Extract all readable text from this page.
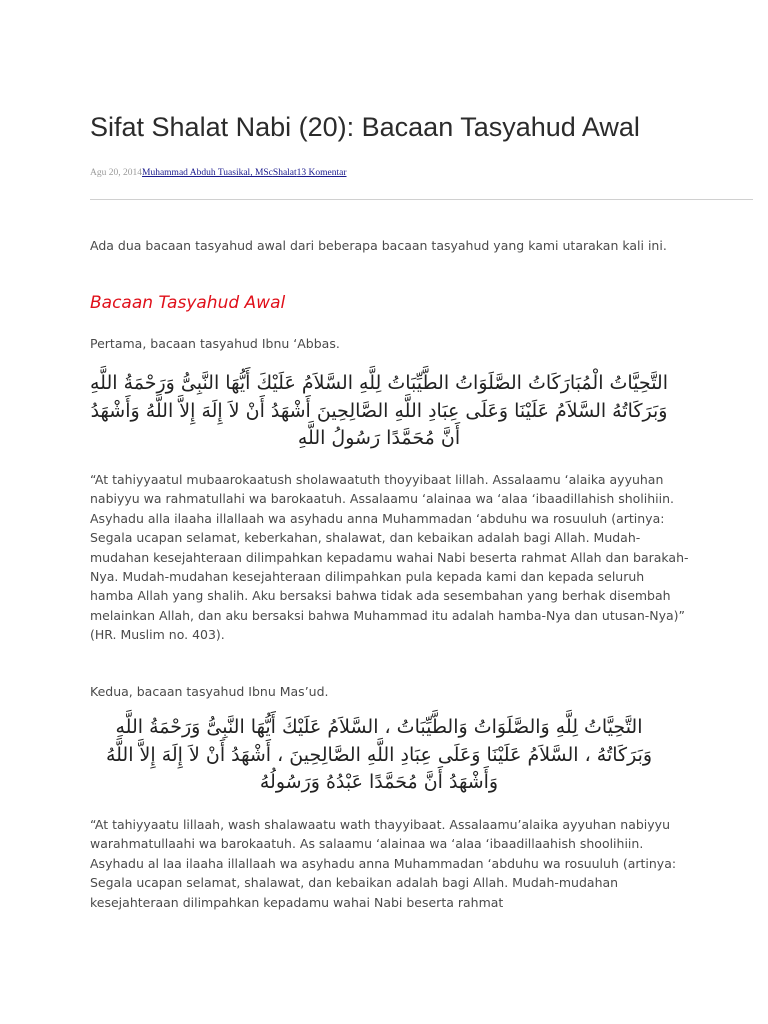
Sifat Shalat Nabi (20): Bacaan Tasyahud Awal
Agu 20, 2014Muhammad Abduh Tuasikal, MScShalat13 Komentar

Ada dua bacaan tasyahud awal dari beberapa bacaan tasyahud yang kami utarakan kali ini.

Bacaan Tasyahud Awal

Pertama, bacaan tasyahud Ibnu ‘Abbas.

التَّحِيَّاتُ الْمُبَارَكَاتُ الصَّلَوَاتُ الطَّيِّبَاتُ لِلَّهِ السَّلاَمُ عَلَيْكَ أَيُّهَا النَّبِىُّ وَرَحْمَةُ اللَّهِ وَبَرَكَاتُهُ السَّلاَمُ عَلَيْنَا وَعَلَى عِبَادِ اللَّهِ الصَّالِحِينَ أَشْهَدُ أَنْ لاَ إِلَهَ إِلاَّ اللَّهُ وَأَشْهَدُ أَنَّ مُحَمَّدًا رَسُولُ اللَّهِ

“At tahiyyaatul mubaarokaatush sholawaatuth thoyyibaat lillah. Assalaamu ‘alaika ayyuhan nabiyyu wa rahmatullahi wa barokaatuh. Assalaamu ‘alainaa wa ‘alaa ‘ibaadillahish sholihiin. Asyhadu alla ilaaha illallaah wa asyhadu anna Muhammadan ‘abduhu wa rosuuluh (artinya: Segala ucapan selamat, keberkahan, shalawat, dan kebaikan adalah bagi Allah. Mudah-mudahan kesejahteraan dilimpahkan kepadamu wahai Nabi beserta rahmat Allah dan barakah-Nya. Mudah-mudahan kesejahteraan dilimpahkan pula kepada kami dan kepada seluruh hamba Allah yang shalih. Aku bersaksi bahwa tidak ada sesembahan yang berhak disembah melainkan Allah, dan aku bersaksi bahwa Muhammad itu adalah hamba-Nya dan utusan-Nya)” (HR. Muslim no. 403).

Kedua, bacaan tasyahud Ibnu Mas’ud.

التَّحِيَّاتُ لِلَّهِ وَالصَّلَوَاتُ وَالطَّيِّبَاتُ ، السَّلاَمُ عَلَيْكَ أَيُّهَا النَّبِىُّ وَرَحْمَةُ اللَّهِ وَبَرَكَاتُهُ ، السَّلاَمُ عَلَيْنَا وَعَلَى عِبَادِ اللَّهِ الصَّالِحِينَ ، أَشْهَدُ أَنْ لاَ إِلَهَ إِلاَّ اللَّهُ وَأَشْهَدُ أَنَّ مُحَمَّدًا عَبْدُهُ وَرَسُولُهُ

“At tahiyyaatu lillaah, wash shalawaatu wath thayyibaat. Assalaamu’alaika ayyuhan nabiyyu warahmatullaahi wa barokaatuh. As salaamu ‘alainaa wa ‘alaa ‘ibaadillaahish shoolihiin. Asyhadu al laa ilaaha illallaah wa asyhadu anna Muhammadan ‘abduhu wa rosuuluh (artinya: Segala ucapan selamat, shalawat, dan kebaikan adalah bagi Allah. Mudah-mudahan kesejahteraan dilimpahkan kepadamu wahai Nabi beserta rahmat
